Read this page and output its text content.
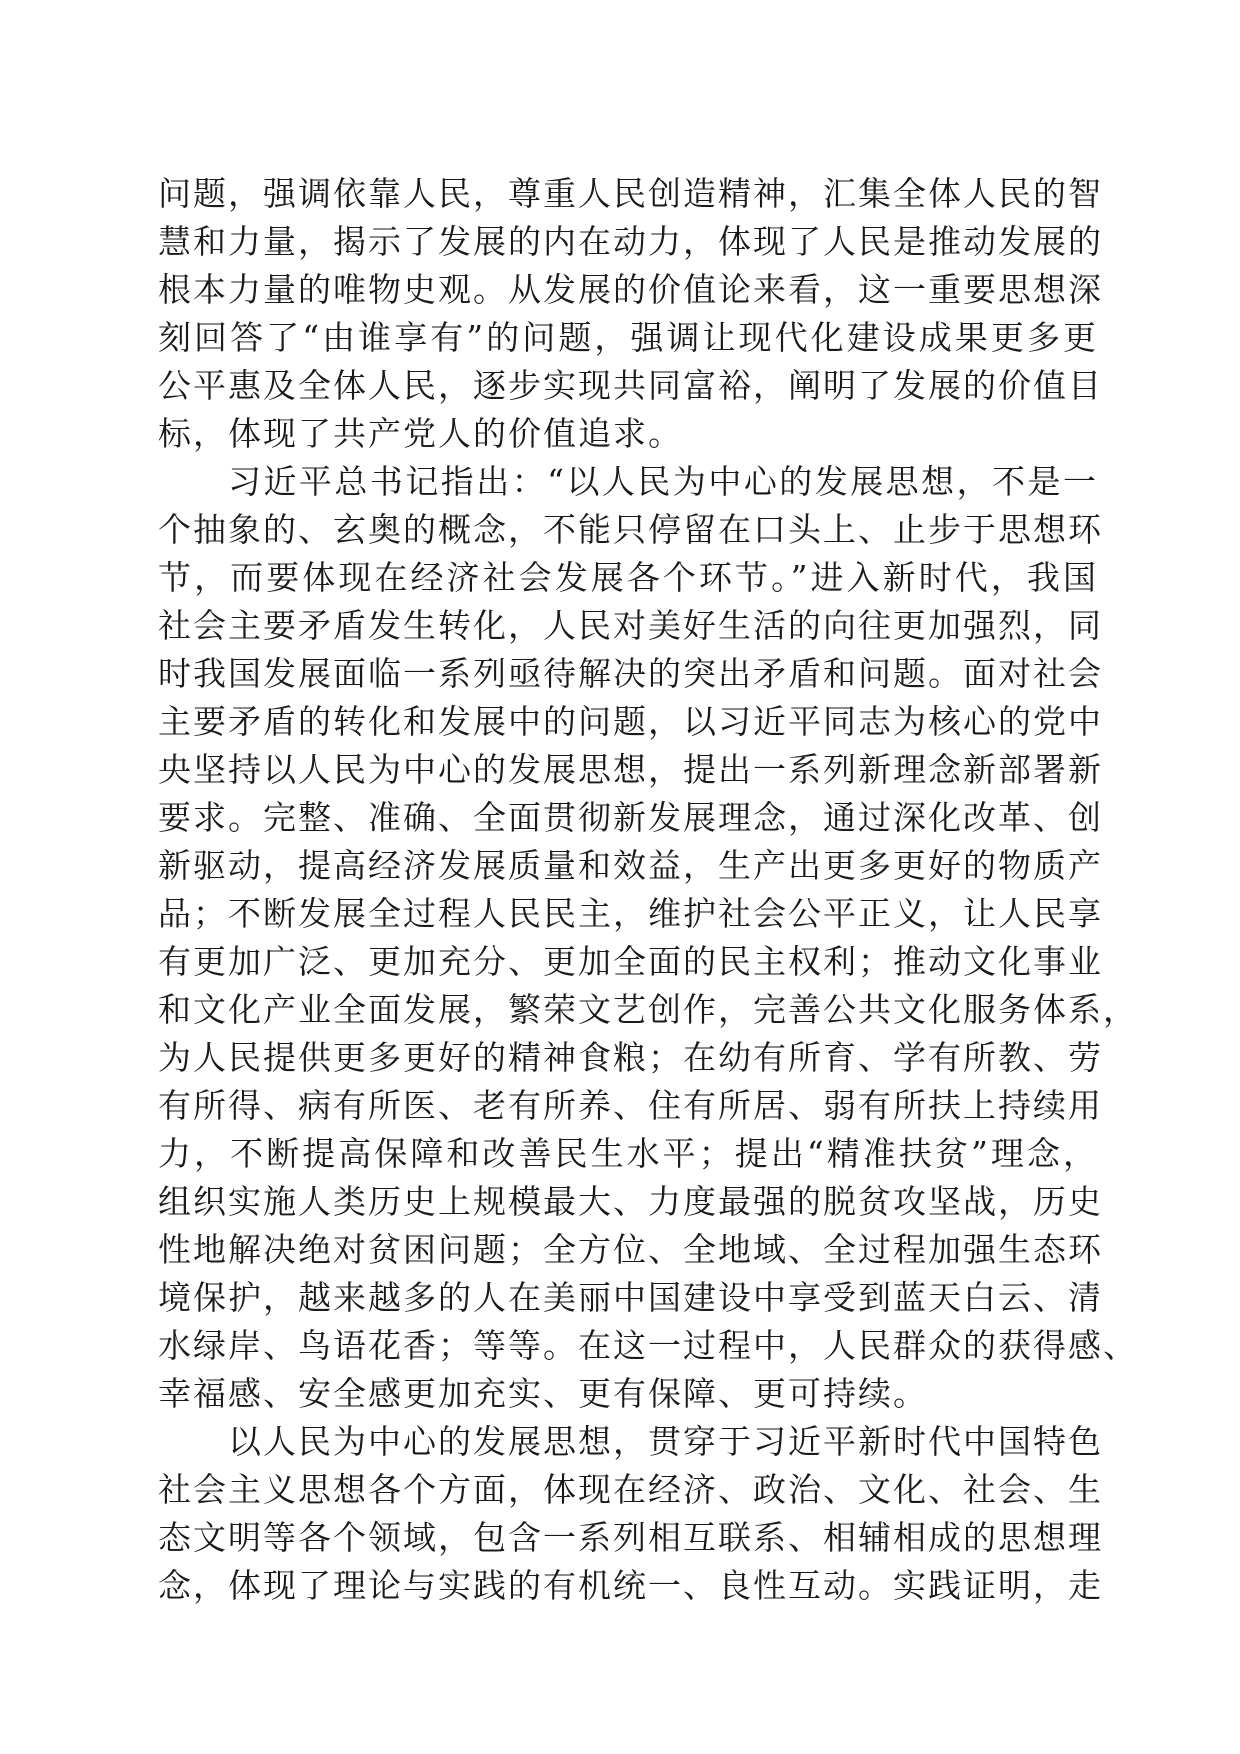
问题，强调依靠人民，尊重人民创造精神，汇集全体人民的智
慧和力量，揭示了发展的内在动力，体现了人民是推动发展的
根本力量的唯物史观。从发展的价值论来看，这一重要思想深
刻回答了“由谁享有”的问题，强调让现代化建设成果更多更
公平惠及全体人民，逐步实现共同富裕，阐明了发展的价值目
标，体现了共产党人的价值追求。
习近平总书记指出：“以人民为中心的发展思想，不是一
个抽象的、玄奥的概念，不能只停留在口头上、止步于思想环
节，而要体现在经济社会发展各个环节。”进入新时代，我国
社会主要矛盾发生转化，人民对美好生活的向往更加强烈，同
时我国发展面临一系列亟待解决的突出矛盾和问题。面对社会
主要矛盾的转化和发展中的问题，以习近平同志为核心的党中
央坚持以人民为中心的发展思想，提出一系列新理念新部署新
要求。完整、准确、全面贯彻新发展理念，通过深化改革、创
新驱动，提高经济发展质量和效益，生产出更多更好的物质产
品；不断发展全过程人民民主，维护社会公平正义，让人民享
有更加广泛、更加充分、更加全面的民主权利；推动文化事业
和文化产业全面发展，繁荣文艺创作，完善公共文化服务体系，
为人民提供更多更好的精神食粮；在幼有所育、学有所教、劳
有所得、病有所医、老有所养、住有所居、弱有所扶上持续用
力，不断提高保障和改善民生水平；提出“精准扶贫”理念，
组织实施人类历史上规模最大、力度最强的脱贫攻坚战，历史
性地解决绝对贫困问题；全方位、全地域、全过程加强生态环
境保护，越来越多的人在美丽中国建设中享受到蓝天白云、清
水绿岸、鸟语花香；等等。在这一过程中，人民群众的获得感、
幸福感、安全感更加充实、更有保障、更可持续。
以人民为中心的发展思想，贯穿于习近平新时代中国特色
社会主义思想各个方面，体现在经济、政治、文化、社会、生
态文明等各个领域，包含一系列相互联系、相辅相成的思想理
念，体现了理论与实践的有机统一、良性互动。实践证明，走
